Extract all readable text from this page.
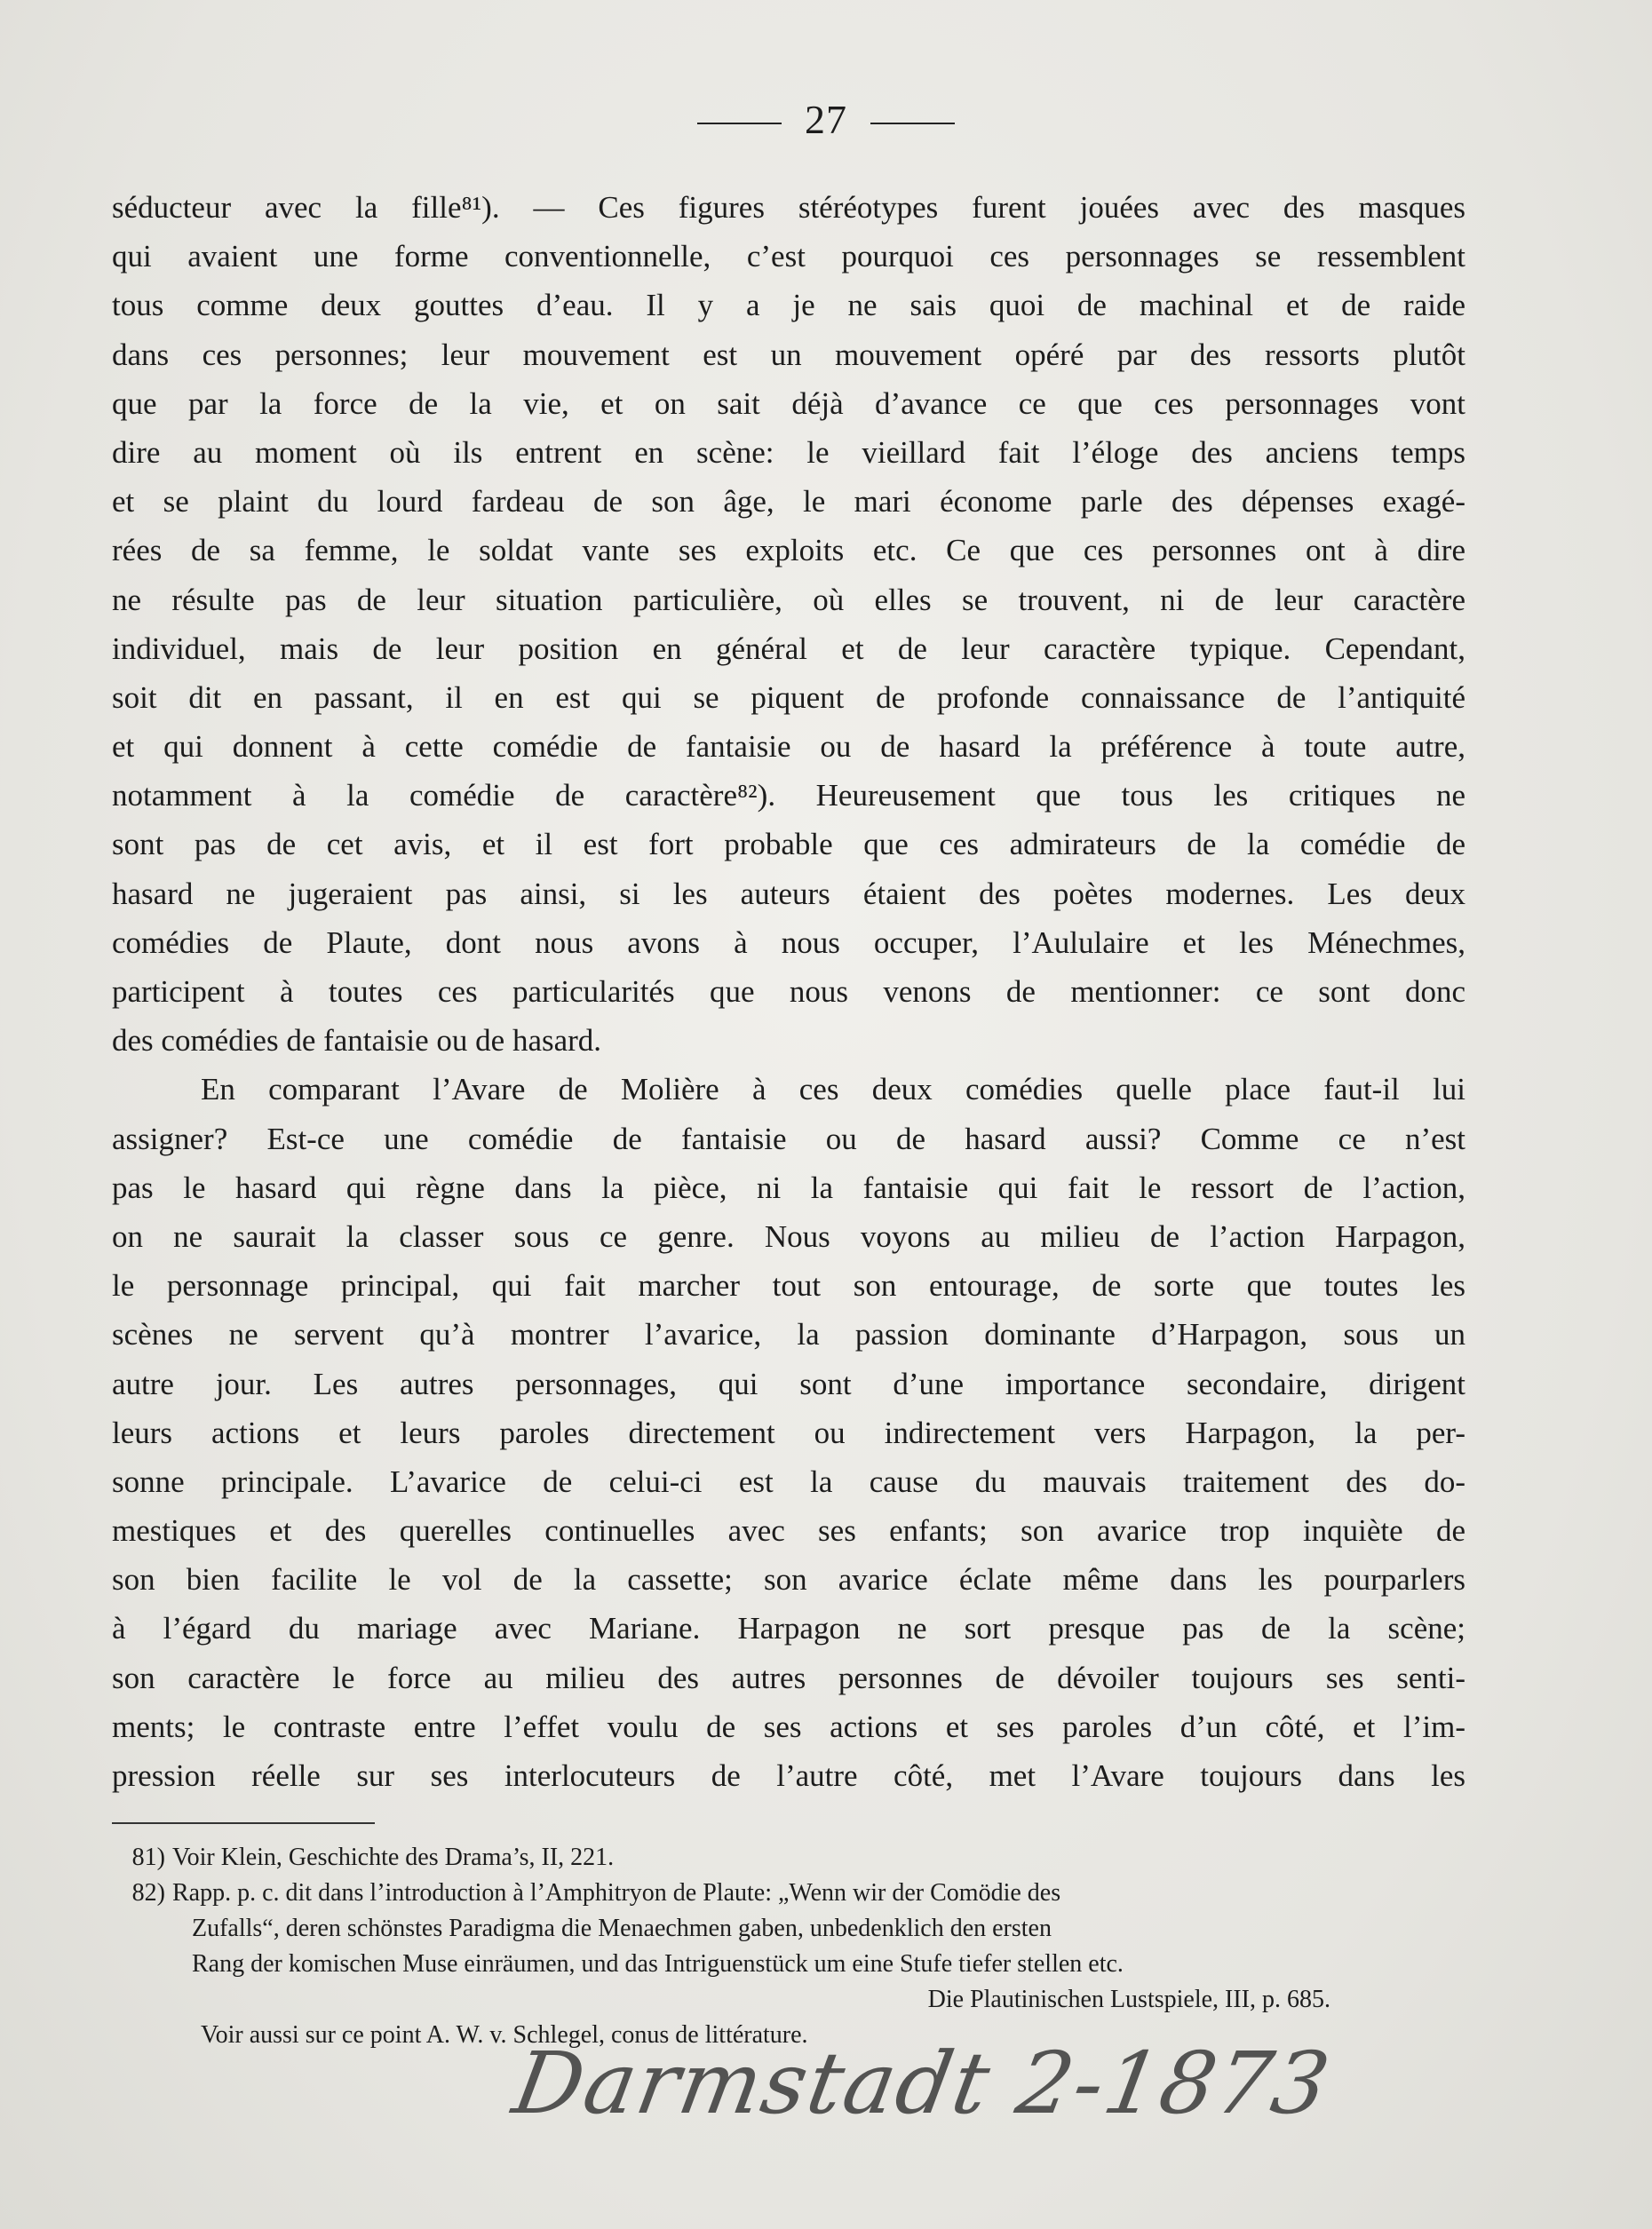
27
séducteur avec la fille⁸¹). — Ces figures stéréotypes furent jouées avec des masques
qui avaient une forme conventionnelle, c’est pourquoi ces personnages se ressemblent
tous comme deux gouttes d’eau. Il y a je ne sais quoi de machinal et de raide
dans ces personnes; leur mouvement est un mouvement opéré par des ressorts plutôt
que par la force de la vie, et on sait déjà d’avance ce que ces personnages vont
dire au moment où ils entrent en scène: le vieillard fait l’éloge des anciens temps
et se plaint du lourd fardeau de son âge, le mari économe parle des dépenses exagé-
rées de sa femme, le soldat vante ses exploits etc. Ce que ces personnes ont à dire
ne résulte pas de leur situation particulière, où elles se trouvent, ni de leur caractère
individuel, mais de leur position en général et de leur caractère typique. Cependant,
soit dit en passant, il en est qui se piquent de profonde connaissance de l’antiquité
et qui donnent à cette comédie de fantaisie ou de hasard la préférence à toute autre,
notamment à la comédie de caractère⁸²). Heureusement que tous les critiques ne
sont pas de cet avis, et il est fort probable que ces admirateurs de la comédie de
hasard ne jugeraient pas ainsi, si les auteurs étaient des poètes modernes. Les deux
comédies de Plaute, dont nous avons à nous occuper, l’Aululaire et les Ménechmes,
participent à toutes ces particularités que nous venons de mentionner: ce sont donc
des comédies de fantaisie ou de hasard.
En comparant l’Avare de Molière à ces deux comédies quelle place faut-il lui
assigner? Est-ce une comédie de fantaisie ou de hasard aussi? Comme ce n’est
pas le hasard qui règne dans la pièce, ni la fantaisie qui fait le ressort de l’action,
on ne saurait la classer sous ce genre. Nous voyons au milieu de l’action Harpagon,
le personnage principal, qui fait marcher tout son entourage, de sorte que toutes les
scènes ne servent qu’à montrer l’avarice, la passion dominante d’Harpagon, sous un
autre jour. Les autres personnages, qui sont d’une importance secondaire, dirigent
leurs actions et leurs paroles directement ou indirectement vers Harpagon, la per-
sonne principale. L’avarice de celui-ci est la cause du mauvais traitement des do-
mestiques et des querelles continuelles avec ses enfants; son avarice trop inquiète de
son bien facilite le vol de la cassette; son avarice éclate même dans les pourparlers
à l’égard du mariage avec Mariane. Harpagon ne sort presque pas de la scène;
son caractère le force au milieu des autres personnes de dévoiler toujours ses senti-
ments; le contraste entre l’effet voulu de ses actions et ses paroles d’un côté, et l’im-
pression réelle sur ses interlocuteurs de l’autre côté, met l’Avare toujours dans les
81) Voir Klein, Geschichte des Drama’s, II, 221.
82) Rapp. p. c. dit dans l’introduction à l’Amphitryon de Plaute: „Wenn wir der Comödie des
Zufalls“, deren schönstes Paradigma die Menaechmen gaben, unbedenklich den ersten
Rang der komischen Muse einräumen, und das Intriguenstück um eine Stufe tiefer stellen etc.
Die Plautinischen Lustspiele, III, p. 685.
Voir aussi sur ce point A. W. v. Schlegel, conus de littérature.
Darmstadt 2-1873
